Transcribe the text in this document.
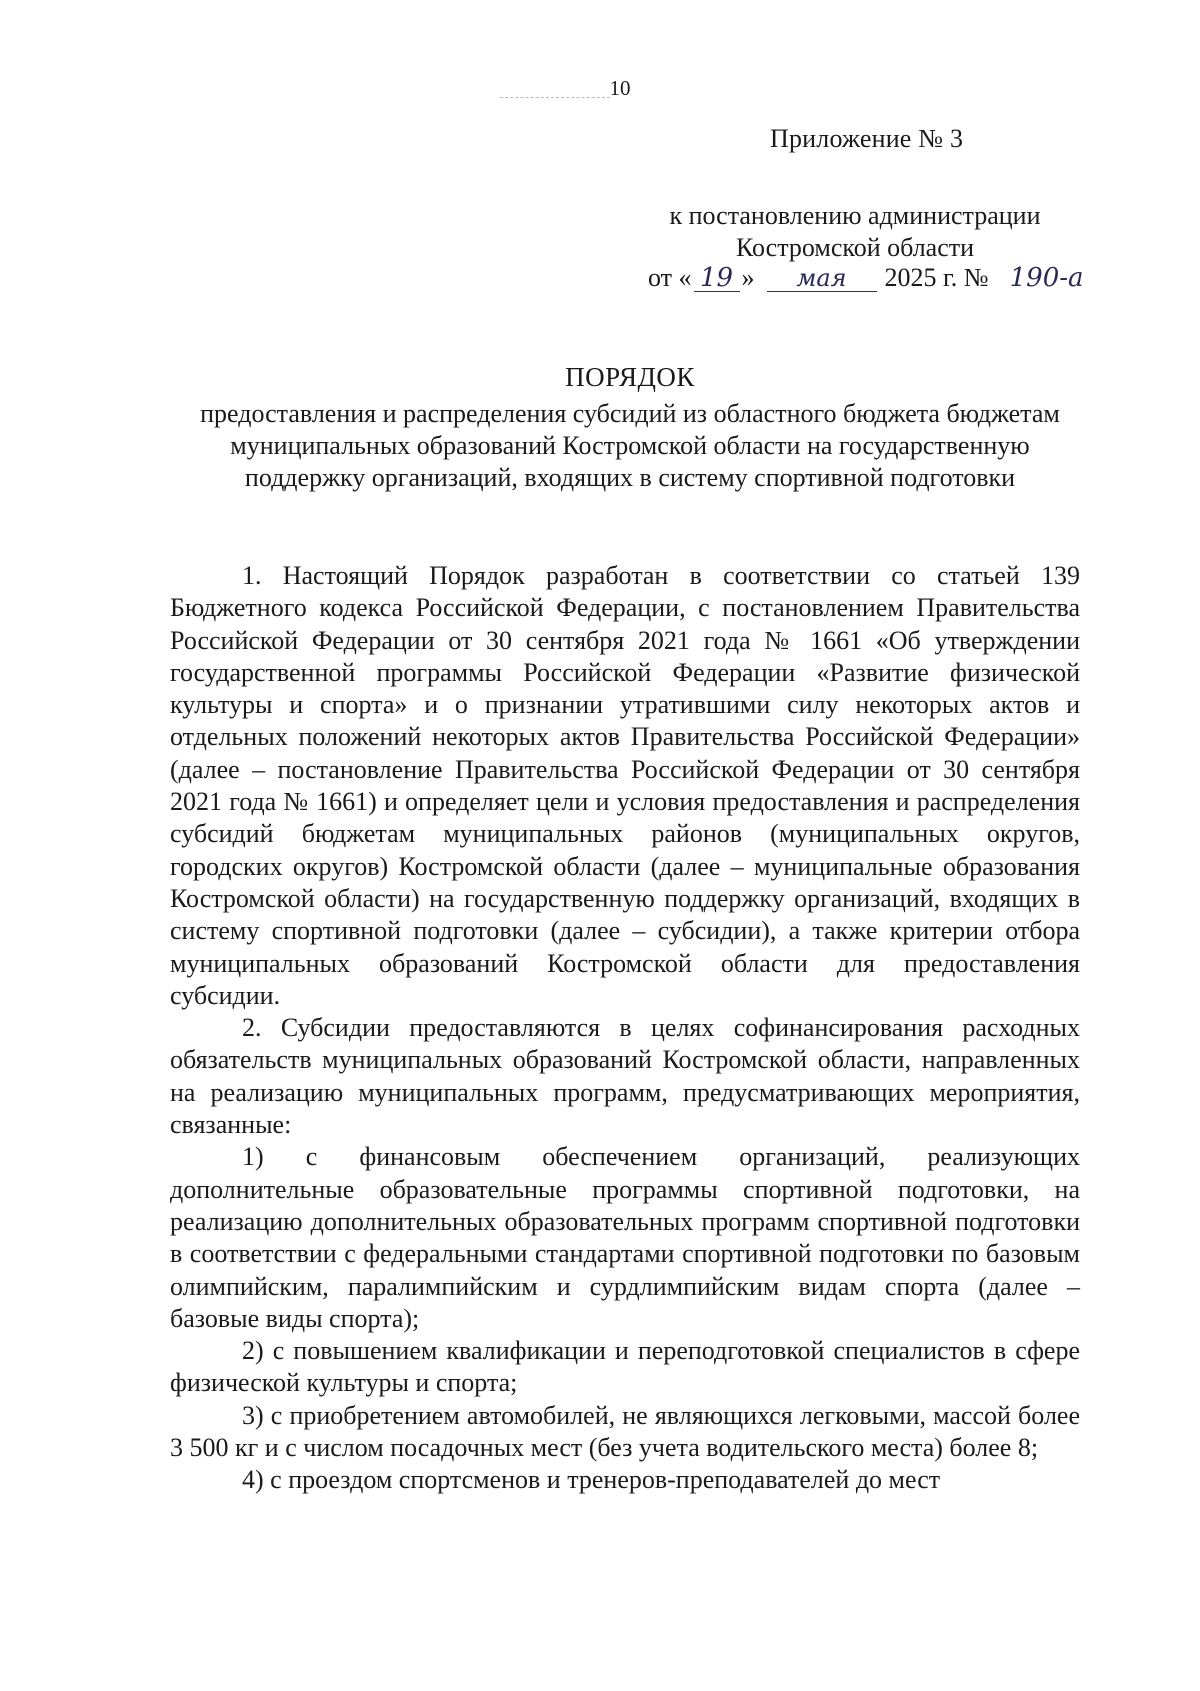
10
Приложение № 3
к постановлению администрации
Костромской области
от « 19 » мая 2025 г. № 190-а
ПОРЯДОК
предоставления и распределения субсидий из областного бюджета бюджетам муниципальных образований Костромской области на государственную поддержку организаций, входящих в систему спортивной подготовки

1. Настоящий Порядок разработан в соответствии со статьей 139 Бюджетного кодекса Российской Федерации, с постановлением Правительства Российской Федерации от 30 сентября 2021 года № 1661 «Об утверждении государственной программы Российской Федерации «Развитие физической культуры и спорта» и о признании утратившими силу некоторых актов и отдельных положений некоторых актов Правительства Российской Федерации» (далее – постановление Правительства Российской Федерации от 30 сентября 2021 года № 1661) и определяет цели и условия предоставления и распределения субсидий бюджетам муниципальных районов (муниципальных округов, городских округов) Костромской области (далее – муниципальные образования Костромской области) на государственную поддержку организаций, входящих в систему спортивной подготовки (далее – субсидии), а также критерии отбора муниципальных образований Костромской области для предоставления субсидии.

2. Субсидии предоставляются в целях софинансирования расходных обязательств муниципальных образований Костромской области, направленных на реализацию муниципальных программ, предусматривающих мероприятия, связанные:

1) с финансовым обеспечением организаций, реализующих дополнительные образовательные программы спортивной подготовки, на реализацию дополнительных образовательных программ спортивной подготовки в соответствии с федеральными стандартами спортивной подготовки по базовым олимпийским, паралимпийским и сурдлимпийским видам спорта (далее – базовые виды спорта);

2) с повышением квалификации и переподготовкой специалистов в сфере физической культуры и спорта;

3) с приобретением автомобилей, не являющихся легковыми, массой более 3 500 кг и с числом посадочных мест (без учета водительского места) более 8;

4) с проездом спортсменов и тренеров-преподавателей до мест
